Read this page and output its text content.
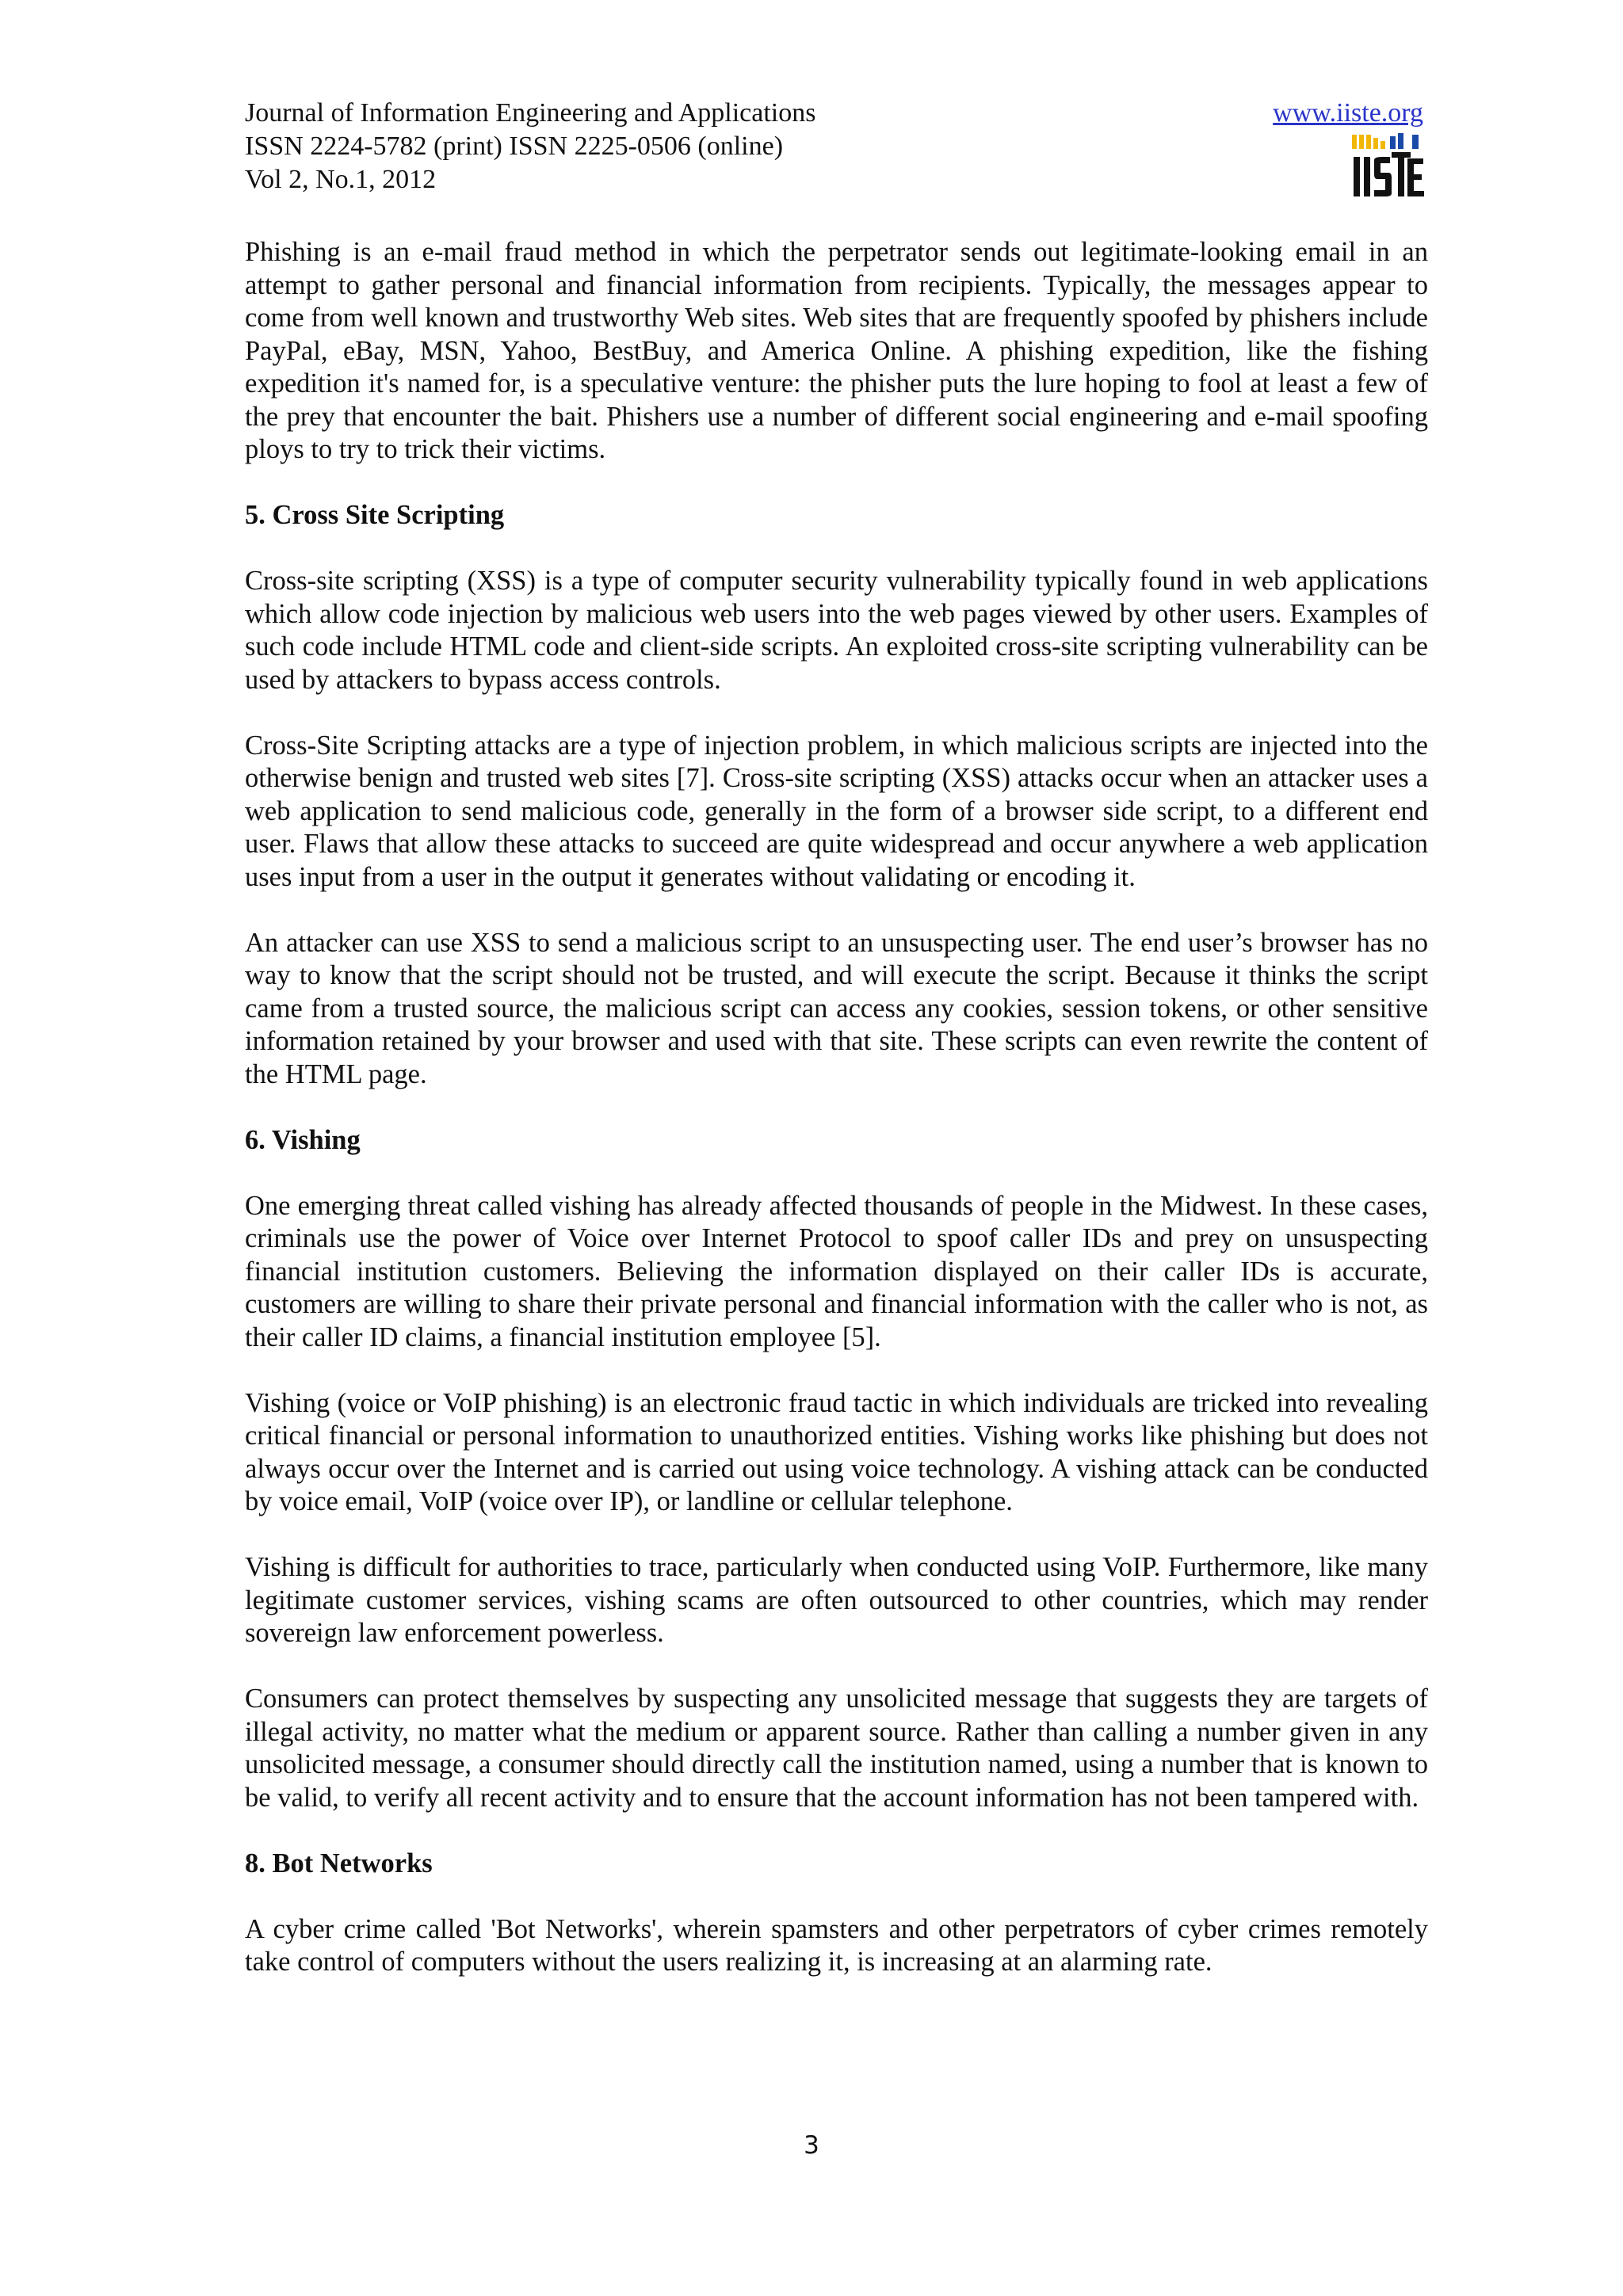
Journal of Information Engineering and Applications
ISSN 2224-5782 (print) ISSN 2225-0506 (online)
Vol 2, No.1, 2012
www.iiste.org

Phishing is an e-mail fraud method in which the perpetrator sends out legitimate-looking email in an attempt to gather personal and financial information from recipients. Typically, the messages appear to come from well known and trustworthy Web sites. Web sites that are frequently spoofed by phishers include PayPal, eBay, MSN, Yahoo, BestBuy, and America Online. A phishing expedition, like the fishing expedition it's named for, is a speculative venture: the phisher puts the lure hoping to fool at least a few of the prey that encounter the bait. Phishers use a number of different social engineering and e-mail spoofing ploys to try to trick their victims.

5. Cross Site Scripting

Cross-site scripting (XSS) is a type of computer security vulnerability typically found in web applications which allow code injection by malicious web users into the web pages viewed by other users. Examples of such code include HTML code and client-side scripts. An exploited cross-site scripting vulnerability can be used by attackers to bypass access controls.

Cross-Site Scripting attacks are a type of injection problem, in which malicious scripts are injected into the otherwise benign and trusted web sites [7]. Cross-site scripting (XSS) attacks occur when an attacker uses a web application to send malicious code, generally in the form of a browser side script, to a different end user. Flaws that allow these attacks to succeed are quite widespread and occur anywhere a web application uses input from a user in the output it generates without validating or encoding it.

An attacker can use XSS to send a malicious script to an unsuspecting user. The end user’s browser has no way to know that the script should not be trusted, and will execute the script. Because it thinks the script came from a trusted source, the malicious script can access any cookies, session tokens, or other sensitive information retained by your browser and used with that site. These scripts can even rewrite the content of the HTML page.

6. Vishing

One emerging threat called vishing has already affected thousands of people in the Midwest. In these cases, criminals use the power of Voice over Internet Protocol to spoof caller IDs and prey on unsuspecting financial institution customers. Believing the information displayed on their caller IDs is accurate, customers are willing to share their private personal and financial information with the caller who is not, as their caller ID claims, a financial institution employee [5].

Vishing (voice or VoIP phishing) is an electronic fraud tactic in which individuals are tricked into revealing critical financial or personal information to unauthorized entities. Vishing works like phishing but does not always occur over the Internet and is carried out using voice technology. A vishing attack can be conducted by voice email, VoIP (voice over IP), or landline or cellular telephone.

Vishing is difficult for authorities to trace, particularly when conducted using VoIP. Furthermore, like many legitimate customer services, vishing scams are often outsourced to other countries, which may render sovereign law enforcement powerless.

Consumers can protect themselves by suspecting any unsolicited message that suggests they are targets of illegal activity, no matter what the medium or apparent source. Rather than calling a number given in any unsolicited message, a consumer should directly call the institution named, using a number that is known to be valid, to verify all recent activity and to ensure that the account information has not been tampered with.

8. Bot Networks

A cyber crime called 'Bot Networks', wherein spamsters and other perpetrators of cyber crimes remotely take control of computers without the users realizing it, is increasing at an alarming rate.

3
